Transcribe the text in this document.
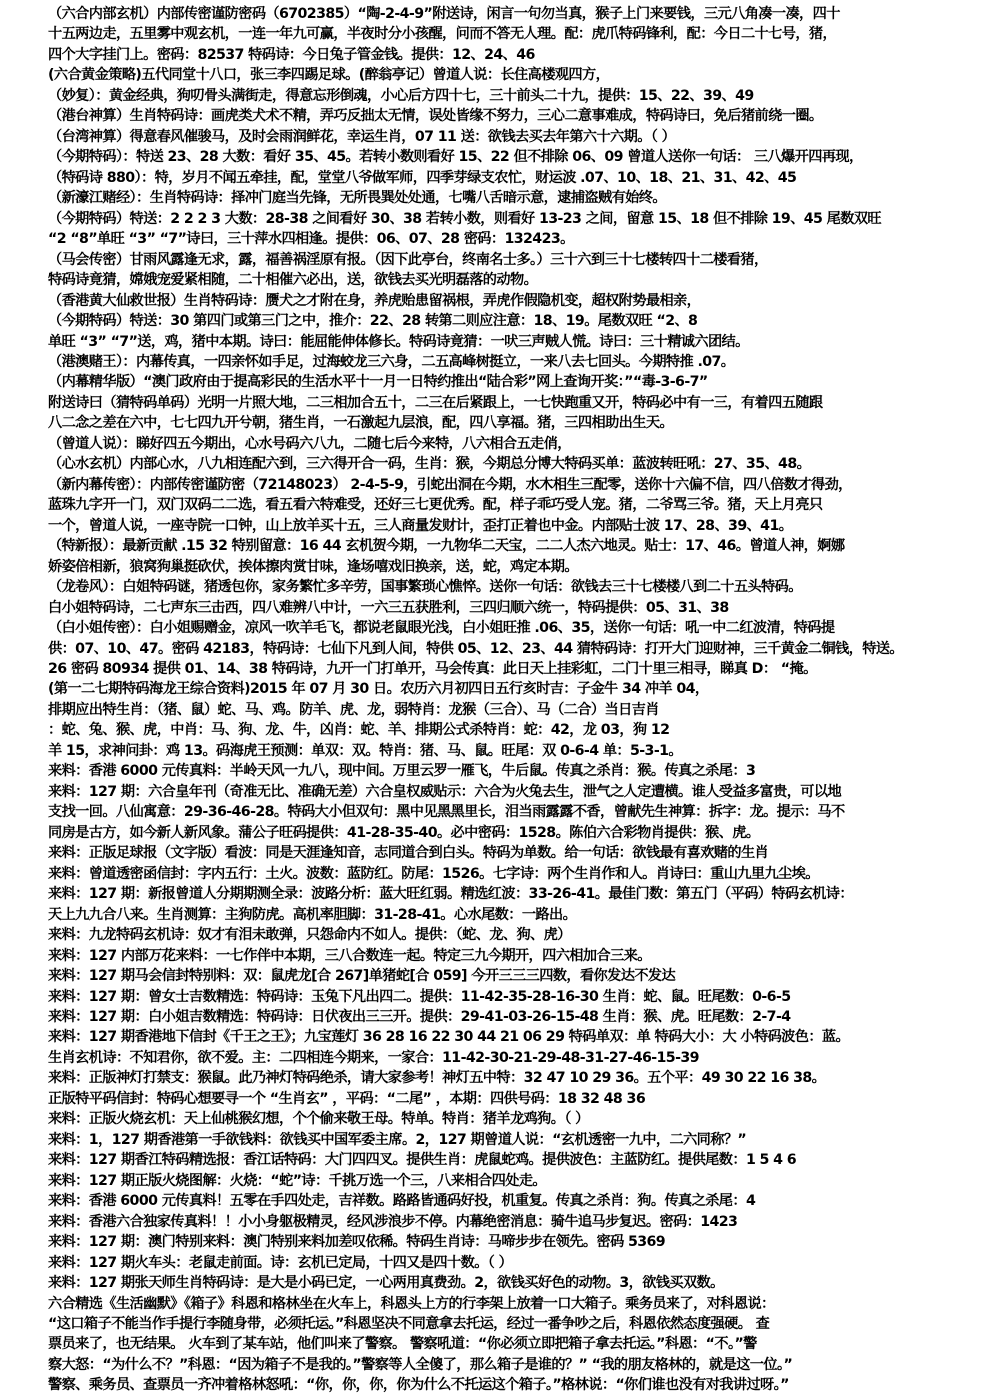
（六合内部玄机）内部传密谨防密码（6702385）“陶-2-4-9”附送诗，闲言一句勿当真，猴子上门来要钱，三元八角凑一凑，四十
十五两边走，五里雾中观玄机，一连一年九可赢，半夜时分小孩醒，问而不答无人理。配：虎爪特码锋利，配：今日二十七号，猪，
四个大字挂门上。密码：82537 特码诗：今日兔子管金钱。提供：12、24、46
(六合黄金策略)五代同堂十八口，张三李四踢足球。(醉翁亭记）曾道人说：长住高楼观四方，
（妙复）：黄金经典，狗叨骨头满街走，得意忘形倒魂，小心后方四十七，三十前头二十九，提供：15、22、39、49
（港台神算）生肖特码诗：画虎类犬术不精，弄巧反拙太无情，误处皆缘不努力，三心二意事难成，特码诗曰，免后猪前绕一圈。
（台湾神算）得意春风催骏马，及时会雨润鲜花，幸运生肖，07 11 送：欲钱去买去年第六十六期。（ ）
（今期特码）：特送 23、28 大数：看好 35、45。若转小数则看好 15、22 但不排除 06、09 曾道人送你一句话： 三八爆开四再现，
（特码诗 880）：特，岁月不闻五牵挂，配，堂堂八爷做军师，四季芽绿支农忙，财运波 .07、10、18、21、31、42、45
（新濠江赌经）：生肖特码诗：择冲门庭当先锋，无所畏巽处处通，七嘴八舌暗示意，逮捕盗贼有始终。
（今期特码）特送：2 2 2 3 大数：28-38 之间看好 30、38 若转小数，则看好 13-23 之间，留意 15、18 但不排除 19、45 尾数双旺
“2 “8”单旺 “3” “7”诗曰，三十萍水四相逢。提供：06、07、28 密码：132423。
（马会传密）甘雨风露逢无求，露，福善祸淫原有报。（因下此亭台，终南名士多。）三十六到三十七楼转四十二楼看猪，
特码诗竟猜，嫦娥宠爱紧相随，二十相催六必出，送，欲钱去买光明磊落的动物。
（香港黄大仙救世报）生肖特码诗：赝犬之才附在身，养虎贻患留祸根，弄虎作假隐机变，超权附势最相亲，
（今期特码）特送：30 第四门或第三门之中，推介：22、28 转第二则应注意：18、19。尾数双旺 “2、8
单旺 “3” “7”送，鸡，猪中本期。诗曰：能屈能伸体修长。特码诗竟猜：一吠三声贼人慌。诗曰：三十精诚六团结。
（港澳赌王）：内幕传真，一四亲怀如手足，过海蛟龙三六身，二五高峰树挺立，一来八去七回头。今期特推 .07。
（内幕精华版）“澳门政府由于提高彩民的生活水平十一月一日特约推出“陆合彩”网上查询开奖：”“毒-3-6-7”
附送诗曰（猜特码单码）光明一片照大地，二三相加合五十，二三在后紧跟上，一七快跑重又开，特码必中有一三，有着四五随跟
八二念之差在六中，七七四九开兮朝，猪生肖，一石激起九层浪，配，四八享福。猪，三四相助出生天。
（曾道人说）：睇好四五今期出，心水号码六八九，二随七后今来特，八六相合五走俏，
（心水玄机）内部心水，八九相连配六到，三六得开合一码，生肖：猴，今期总分博大特码买单：蓝波转旺吼：27、35、48。
（新内幕传密）：内部传密谨防密（72148023） 2-4-5-9，引蛇出洞在今期，水木相生三配零，送你十六偏不信，四八倍数才得劲，
蓝珠九字开一门，双门双码二二选，看五看六特难受，还好三七更优秀。配，样子乖巧受人宠。猪，二爷骂三爷。猪，天上月亮只
一个，曾道人说，一座寺院一口钟，山上放羊买十五，三人商量发财计，歪打正着也中金。内部贴士波 17、28、39、41。
（特新报）：最新贡献 .15 32 特别留意：16 44 玄机贺今期，一九物华二天宝，二二人杰六地灵。贴士：17、46。曾道人神，婀娜
娇姿倍相新，狼窝狗巢挺砍伏，挨体擦肉赏甘味，逢场嘻戏旧换亲，送，蛇，鸡定本期。
（龙卷风）：白姐特码谜，猪透包你，家务繁忙多辛劳，国事繁琐心憔悴。送你一句话：欲钱去三十七楼楼八到二十五头特码。
白小姐特码诗，二七声东三击西，四八难辨八中计，一六三五获胜利，三四归顺六统一，特码提供：05、31、38
（白小姐传密）：白小姐赐赠金，凉风一吹羊毛飞，都说老鼠眼光浅，白小姐旺推 .06、35，送你一句话：吼一中二红波清，特码提
供：07、10、47。密码 42183，特码诗：七仙下凡到人间，特供 05、12、23、44 猜特码诗：打开大门迎财神，三千黄金二铜钱，特送。
26 密码 80934 提供 01、14、38 特码诗，九开一门打单开，马会传真：此日天上挂彩虹，二门十里三相寻，睇真 D： “掩。
(第一二七期特码海龙王综合资料)2015 年 07 月 30 日。农历六月初四日五行亥时吉：子金牛 34 冲羊 04，
排期应出特生肖：（猪、鼠）蛇、马、鸡。防羊、虎、龙，弱特肖：龙猴（三合）、马（二合）当日吉肖
：蛇、兔、猴、虎，中肖：马、狗、龙、牛，凶肖：蛇、羊、排期公式杀特肖：蛇：42，龙 03，狗 12
羊 15，求神问卦：鸡 13。码海虎王预测：单双：双。特肖：猪、马、鼠。旺尾：双 0-6-4 单：5-3-1。
来料：香港 6000 元传真料：半岭天风一九八，现中间。万里云罗一雁飞，牛后鼠。传真之杀肖：猴。传真之杀尾：3
来料：127 期：六合皇年刊（奇准无比、准确无差）六合皇权威贴示：六合为火兔去生，泄气之人定遭横。谁人受益多富贵，可以地
支找一回。八仙寓意：29-36-46-28。特码大小但双句：黑中见黑黑里长，泪当雨露露不香，曾献先生神算：拆字：龙。提示：马不
同房是古方，如今新人新风象。蒲公子旺码提供：41-28-35-40。必中密码：1528。陈伯六合彩物肖提供：猴、虎。
来料：正版足球报（文字版）看波：同是天涯逢知音，志同道合到白头。特码为单数。给一句话：欲钱最有喜欢赌的生肖
来料：曾道透密函信封：字内五行：土火。波数：蓝防红。防尾：1526。七字诗：两个生肖作和人。肖诗曰：重山九里九尘埃。
来料：127 期：新报曾道人分期期测全录：波路分析：蓝大旺红弱。精选红波：33-26-41。最佳门数：第五门（平码）特码玄机诗：
天上九九合八来。生肖测算：主狗防虎。高机率胆脚：31-28-41。心水尾数：一路出。
来料：九龙特码玄机诗：奴才有泪未敢弹，只怨命内不如人。提供：（蛇、龙、狗、虎）
来料：127 内部万花来料：一七作伴中本期，三八合数连一起。特定三九今期开，四六相加合三来。
来料：127 期马会信封特别料：双：鼠虎龙[合 267]单猪蛇[合 059] 今开三三三四数，看你发达不发达
来料：127 期：曾女士吉数精选：特码诗：玉兔下凡出四二。提供：11-42-35-28-16-30 生肖：蛇、鼠。旺尾数：0-6-5
来料：127 期：白小姐吉数精选：特码诗：日伏夜出三三开。提供：29-41-03-26-15-48 生肖：猴、虎。旺尾数：2-7-4
来料：127 期香港地下信封《千王之王》；九宝莲灯 36 28 16 22 30 44 21 06 29 特码单双：单 特码大小：大 小特码波色：蓝。
生肖玄机诗：不知君你，欲不爱。主：二四相连今期来，一家合：11-42-30-21-29-48-31-27-46-15-39
来料：正版神灯打禁支：猴鼠。此乃神灯特码绝杀，请大家参考！神灯五中特：32 47 10 29 36。五个平：49 30 22 16 38。
正版特平码信封：特码心想要寻一个 “生肖玄” ，平码：“二尾” ，本期：四供号码：18 32 48 36
来料：正版火烧玄机：天上仙桃猴幻想，个个偷来敬王母。特单。特肖：猪羊龙鸡狗。（ ）
来料：1，127 期香港第一手欲钱料：欲钱买中国军委主席。2，127 期曾道人说：“玄机透密一九中，二六同称？”
来料：127 期香江特码精选报：香江话特码：大门四四叉。提供生肖：虎鼠蛇鸡。提供波色：主蓝防红。提供尾数：1 5 4 6
来料：127 期正版火烧图解：火烧：“蛇”诗：千挑万选一个三，八来相合四处走。
来料：香港 6000 元传真料！五零在手四处走，吉祥数。路路皆通码好投，机重复。传真之杀肖：狗。传真之杀尾：4
来料：香港六合独家传真料！！小小身躯极精灵，经风涉浪步不停。内幕绝密消息：骑牛追马步复迟。密码：1423
来料：127 期：澳门特别来料：澳门特别来料加差叹依稀。特码生肖诗：马啼步步在领先。密码 5369
来料：127 期火车头：老鼠走前面。诗：玄机已定局，十四又是四十数。（ ）
来料：127 期张天师生肖特码诗：是大是小码已定，一心两用真费劲。2，欲钱买好色的动物。3，欲钱买双数。
六合精选《生活幽默》《箱子》科恩和格林坐在火车上，科恩头上方的行李架上放着一口大箱子。乘务员来了，对科恩说：
“这口箱子不能当作手提行李随身带，必须托运。”科恩坚决不同意拿去托运，经过一番争吵之后，科恩依然态度强硬。 查
票员来了，也无结果。 火车到了某车站，他们叫来了警察。 警察吼道：“你必须立即把箱子拿去托运。”科恩：“不。”警
察大怒：“为什么不？”科恩：“因为箱子不是我的。”警察等人全傻了，那么箱子是谁的？” “我的朋友格林的，就是这一位。”
警察、乘务员、查票员一齐冲着格林怒吼：“你，你，你，你为什么不托运这个箱子。”格林说：“你们谁也没有对我讲过呀。”
